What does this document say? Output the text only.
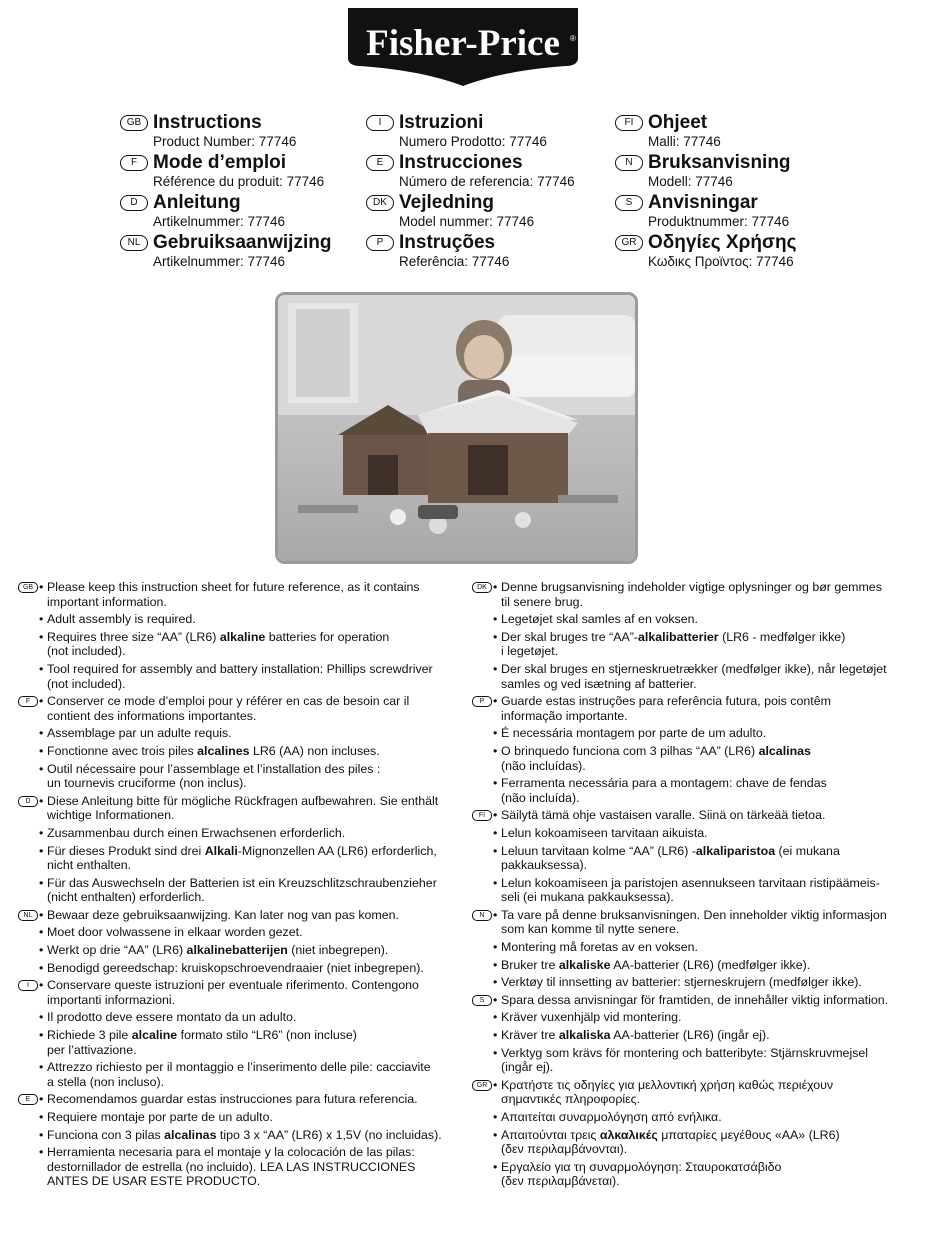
Fisher-Price ®
GB Instructions
Product Number: 77746
F Mode d’emploi
Référence du produit: 77746
D Anleitung
Artikelnummer: 77746
NL Gebruiksaanwijzing
Artikelnummer: 77746
I Istruzioni
Numero Prodotto: 77746
E Instrucciones
Número de referencia: 77746
DK Vejledning
Model nummer: 77746
P Instruções
Referência: 77746
FI Ohjeet
Malli: 77746
N Bruksanvisning
Modell: 77746
S Anvisningar
Produktnummer: 77746
GR Οδηγίες Χρήσης
Κωδικς Προϊντος: 77746
GB • Please keep this instruction sheet for future reference, as it contains
important information.
• Adult assembly is required.
• Requires three size “AA” (LR6) alkaline batteries for operation
(not included).
• Tool required for assembly and battery installation: Phillips screwdriver
(not included).
F • Conserver ce mode d’emploi pour y référer en cas de besoin car il
contient des informations importantes.
• Assemblage par un adulte requis.
• Fonctionne avec trois piles alcalines LR6 (AA) non incluses.
• Outil nécessaire pour l’assemblage et l’installation des piles :
un tournevis cruciforme (non inclus).
D • Diese Anleitung bitte für mögliche Rückfragen aufbewahren. Sie enthält
wichtige Informationen.
• Zusammenbau durch einen Erwachsenen erforderlich.
• Für dieses Produkt sind drei Alkali-Mignonzellen AA (LR6) erforderlich,
nicht enthalten.
• Für das Auswechseln der Batterien ist ein Kreuzschlitzschraubenzieher
(nicht enthalten) erforderlich.
NL • Bewaar deze gebruiksaanwijzing. Kan later nog van pas komen.
• Moet door volwassene in elkaar worden gezet.
• Werkt op drie “AA” (LR6) alkalinebatterijen (niet inbegrepen).
• Benodigd gereedschap: kruiskopschroevendraaier (niet inbegrepen).
I • Conservare queste istruzioni per eventuale riferimento. Contengono
importanti informazioni.
• Il prodotto deve essere montato da un adulto.
• Richiede 3 pile alcaline formato stilo “LR6” (non incluse)
per l’attivazione.
• Attrezzo richiesto per il montaggio e l’inserimento delle pile: cacciavite
a stella (non incluso).
E • Recomendamos guardar estas instrucciones para futura referencia.
• Requiere montaje por parte de un adulto.
• Funciona con 3 pilas alcalinas tipo 3 x “AA” (LR6) x 1,5V (no incluidas).
• Herramienta necesaria para el montaje y la colocación de las pilas:
destornillador de estrella (no incluido). LEA LAS INSTRUCCIONES
ANTES DE USAR ESTE PRODUCTO.
DK • Denne brugsanvisning indeholder vigtige oplysninger og bør gemmes
til senere brug.
• Legetøjet skal samles af en voksen.
• Der skal bruges tre “AA”-alkalibatterier (LR6 - medfølger ikke)
i legetøjet.
• Der skal bruges en stjerneskruetrækker (medfølger ikke), når legetøjet
samles og ved isætning af batterier.
P • Guarde estas instruções para referência futura, pois contêm
informação importante.
• É necessária montagem por parte de um adulto.
• O brinquedo funciona com 3 pilhas “AA” (LR6) alcalinas
(não incluídas).
• Ferramenta necessária para a montagem: chave de fendas
(não incluída).
FI • Säilytä tämä ohje vastaisen varalle. Siinä on tärkeää tietoa.
• Lelun kokoamiseen tarvitaan aikuista.
• Leluun tarvitaan kolme “AA” (LR6) -alkaliparistoa (ei mukana
pakkauksessa).
• Lelun kokoamiseen ja paristojen asennukseen tarvitaan ristipäämeis-
seli (ei mukana pakkauksessa).
N • Ta vare på denne bruksanvisningen. Den inneholder viktig informasjon
som kan komme til nytte senere.
• Montering må foretas av en voksen.
• Bruker tre alkaliske AA-batterier (LR6) (medfølger ikke).
• Verktøy til innsetting av batterier: stjerneskrujern (medfølger ikke).
S • Spara dessa anvisningar för framtiden, de innehåller viktig information.
• Kräver vuxenhjälp vid montering.
• Kräver tre alkaliska AA-batterier (LR6) (ingår ej).
• Verktyg som krävs för montering och batteribyte: Stjärnskruvmejsel
(ingår ej).
GR • Κρατήστε τις οδηγίες για μελλοντική χρήση καθώς περιέχουν
σημαντικές πληροφορίες.
• Απαιτείται συναρμολόγηση από ενήλικα.
• Απαιτούνται τρεις αλκαλικές μπαταρίες μεγέθους «AA» (LR6)
(δεν περιλαμβάνονται).
• Εργαλείο για τη συναρμολόγηση: Σταυροκατσάβιδο
(δεν περιλαμβάνεται).
